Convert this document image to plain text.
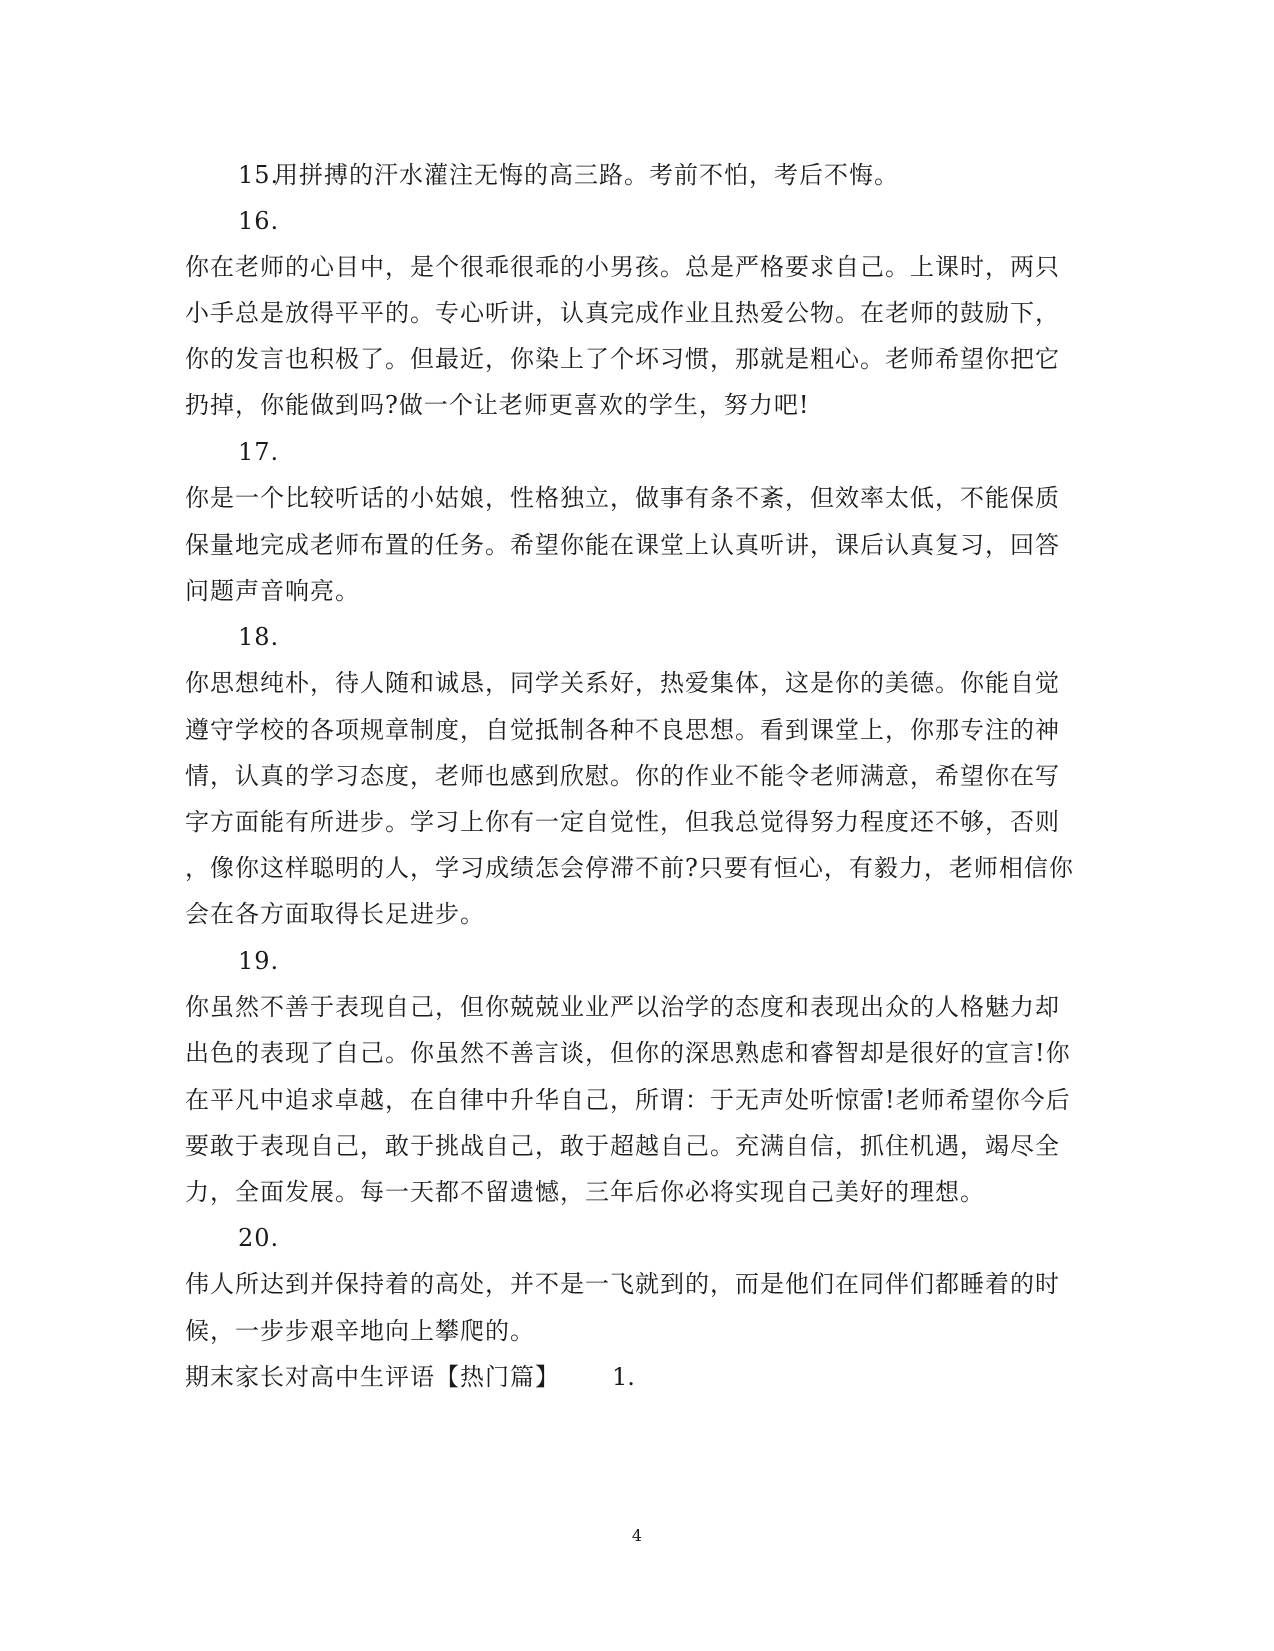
15.
用拼搏的汗水灌注无悔的高三路。考前不怕，考后不悔。
16.
你在老师的心目中，是个很乖很乖的小男孩。总是严格要求自己。上课时，两只
小手总是放得平平的。专心听讲，认真完成作业且热爱公物。在老师的鼓励下，
你的发言也积极了。但最近，你染上了个坏习惯，那就是粗心。老师希望你把它
扔掉，你能做到吗?做一个让老师更喜欢的学生，努力吧!
17.
你是一个比较听话的小姑娘，性格独立，做事有条不紊，但效率太低，不能保质
保量地完成老师布置的任务。希望你能在课堂上认真听讲，课后认真复习，回答
问题声音响亮。
18.
你思想纯朴，待人随和诚恳，同学关系好，热爱集体，这是你的美德。你能自觉
遵守学校的各项规章制度，自觉抵制各种不良思想。看到课堂上，你那专注的神
情，认真的学习态度，老师也感到欣慰。你的作业不能令老师满意，希望你在写
字方面能有所进步。学习上你有一定自觉性，但我总觉得努力程度还不够，否则
，像你这样聪明的人，学习成绩怎会停滞不前?只要有恒心，有毅力，老师相信你
会在各方面取得长足进步。
19.
你虽然不善于表现自己，但你兢兢业业严以治学的态度和表现出众的人格魅力却
出色的表现了自己。你虽然不善言谈，但你的深思熟虑和睿智却是很好的宣言!你
在平凡中追求卓越，在自律中升华自己，所谓：于无声处听惊雷!老师希望你今后
要敢于表现自己，敢于挑战自己，敢于超越自己。充满自信，抓住机遇，竭尽全
力，全面发展。每一天都不留遗憾，三年后你必将实现自己美好的理想。
20.
伟人所达到并保持着的高处，并不是一飞就到的，而是他们在同伴们都睡着的时
候，一步步艰辛地向上攀爬的。
期末家长对高中生评语【热门篇】 1.
4
